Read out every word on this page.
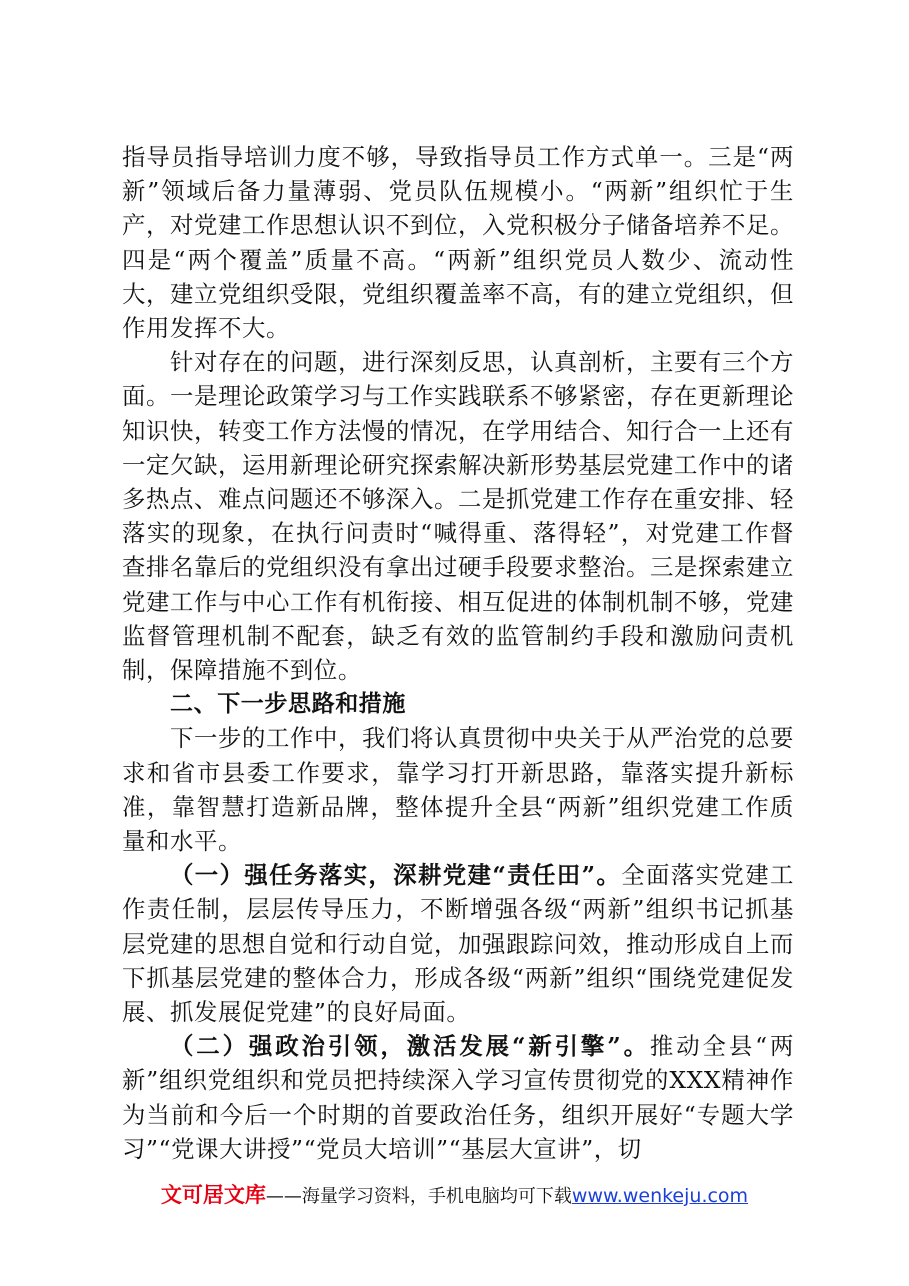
指导员指导培训力度不够，导致指导员工作方式单一。三是“两新”领域后备力量薄弱、党员队伍规模小。“两新”组织忙于生产，对党建工作思想认识不到位，入党积极分子储备培养不足。四是“两个覆盖”质量不高。“两新”组织党员人数少、流动性大，建立党组织受限，党组织覆盖率不高，有的建立党组织，但作用发挥不大。

针对存在的问题，进行深刻反思，认真剖析，主要有三个方面。一是理论政策学习与工作实践联系不够紧密，存在更新理论知识快，转变工作方法慢的情况，在学用结合、知行合一上还有一定欠缺，运用新理论研究探索解决新形势基层党建工作中的诸多热点、难点问题还不够深入。二是抓党建工作存在重安排、轻落实的现象，在执行问责时“喊得重、落得轻”，对党建工作督查排名靠后的党组织没有拿出过硬手段要求整治。三是探索建立党建工作与中心工作有机衔接、相互促进的体制机制不够，党建监督管理机制不配套，缺乏有效的监管制约手段和激励问责机制，保障措施不到位。

二、下一步思路和措施

下一步的工作中，我们将认真贯彻中央关于从严治党的总要求和省市县委工作要求，靠学习打开新思路，靠落实提升新标准，靠智慧打造新品牌，整体提升全县“两新”组织党建工作质量和水平。

（一）强任务落实，深耕党建“责任田”。全面落实党建工作责任制，层层传导压力，不断增强各级“两新”组织书记抓基层党建的思想自觉和行动自觉，加强跟踪问效，推动形成自上而下抓基层党建的整体合力，形成各级“两新”组织“围绕党建促发展、抓发展促党建”的良好局面。

（二）强政治引领，激活发展“新引擎”。推动全县“两新”组织党组织和党员把持续深入学习宣传贯彻党的XXX精神作为当前和今后一个时期的首要政治任务，组织开展好“专题大学习”“党课大讲授”“党员大培训”“基层大宣讲”，切

文可居文库——海量学习资料，手机电脑均可下载www.wenkeju.com
